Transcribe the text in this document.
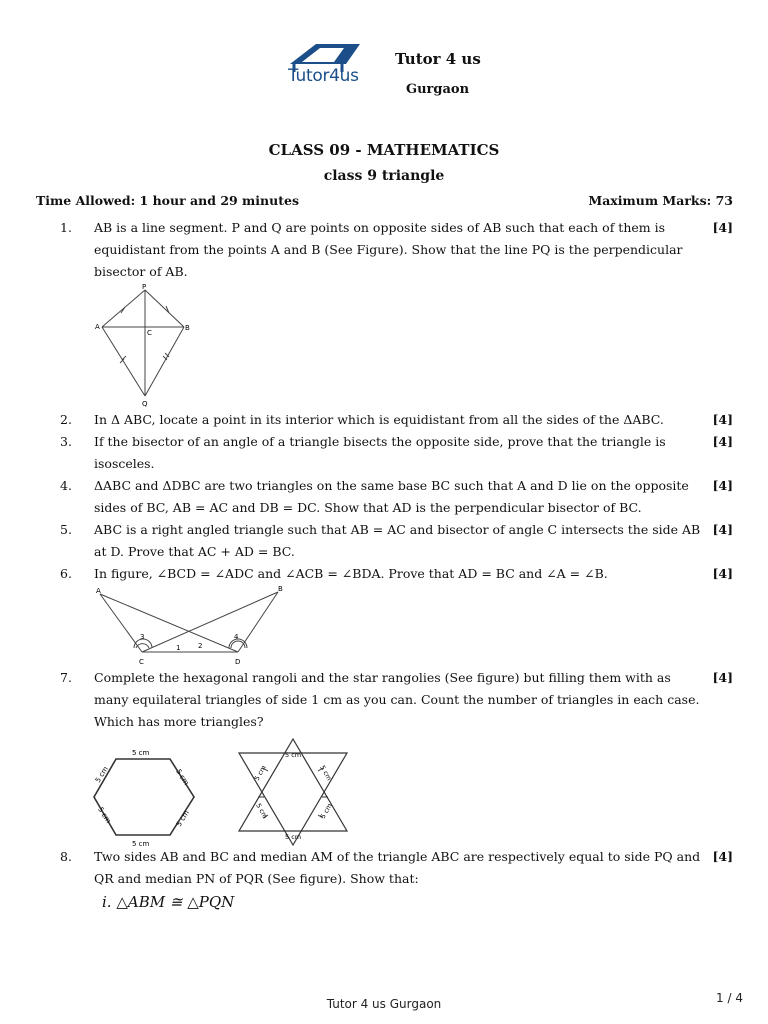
Tutor4us
Tutor 4 us
Gurgaon
CLASS 09 - MATHEMATICS
class 9 triangle
Time Allowed: 1 hour and 29 minutes	Maximum Marks: 73
1. AB is a line segment. P and Q are points on opposite sides of AB such that each of them is equidistant from the points A and B (See Figure). Show that the line PQ is the perpendicular bisector of AB.
[4]
P
A
C
B
Q
2. In Δ ABC, locate a point in its interior which is equidistant from all the sides of the ΔABC.	[4]
3. If the bisector of an angle of a triangle bisects the opposite side, prove that the triangle is isosceles.
[4]
4. ΔABC and ΔDBC are two triangles on the same base BC such that A and D lie on the opposite sides of BC, AB = AC and DB = DC. Show that AD is the perpendicular bisector of BC.
[4]
5. ABC is a right angled triangle such that AB = AC and bisector of angle C intersects the side AB at D. Prove that AC + AD = BC.
[4]
6. In figure, ∠BCD = ∠ADC and ∠ACB = ∠BDA. Prove that AD = BC and ∠A = ∠B.	[4]
A	B
C	D
1	2
3	4
7. Complete the hexagonal rangoli and the star rangolies (See figure) but filling them with as many equilateral triangles of side 1 cm as you can. Count the number of triangles in each case. Which has more triangles?
[4]
5 cm
5 cm
5 cm	5 cm
5 cm	5 cm
5 cm
5 cm
5 cm	5 cm
5 cm	5 cm
8. Two sides AB and BC and median AM of the triangle ABC are respectively equal to side PQ and QR and median PN of PQR (See figure). Show that:
[4]
i. △ABM ≅ △PQN
Tutor 4 us Gurgaon	1 / 4
